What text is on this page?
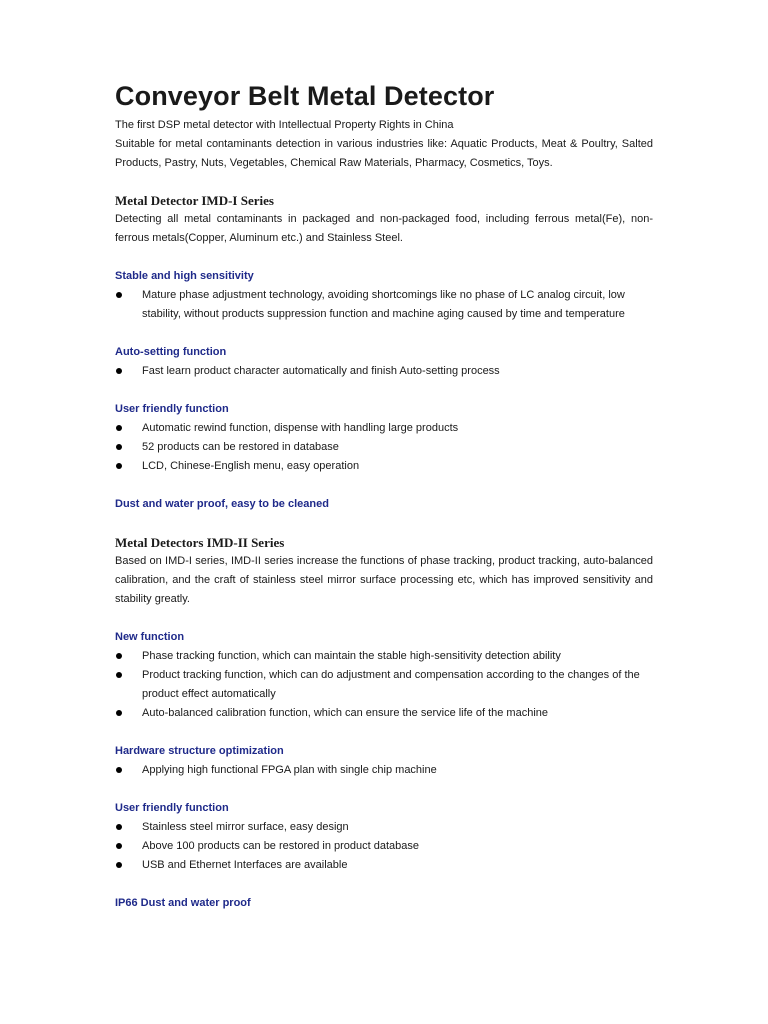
Conveyor Belt Metal Detector

The first DSP metal detector with Intellectual Property Rights in China

Suitable for metal contaminants detection in various industries like: Aquatic Products, Meat & Poultry, Salted Products, Pastry, Nuts, Vegetables, Chemical Raw Materials, Pharmacy, Cosmetics, Toys.

Metal Detector IMD-I Series

Detecting all metal contaminants in packaged and non-packaged food, including ferrous metal(Fe), non-ferrous metals(Copper, Aluminum etc.) and Stainless Steel.

Stable and high sensitivity
Mature phase adjustment technology, avoiding shortcomings like no phase of LC analog circuit, low stability, without products suppression function and machine aging caused by time and temperature
Auto-setting function
Fast learn product character automatically and finish Auto-setting process
User friendly function
Automatic rewind function, dispense with handling large products
52 products can be restored in database
LCD, Chinese-English menu, easy operation
Dust and water proof, easy to be cleaned
Metal Detectors IMD-II Series

Based on IMD-I series, IMD-II series increase the functions of phase tracking, product tracking, auto-balanced calibration, and the craft of stainless steel mirror surface processing etc, which has improved sensitivity and stability greatly.

New function
Phase tracking function, which can maintain the stable high-sensitivity detection ability
Product tracking function, which can do adjustment and compensation according to the changes of the product effect automatically
Auto-balanced calibration function, which can ensure the service life of the machine
Hardware structure optimization
Applying high functional FPGA plan with single chip machine
User friendly function
Stainless steel mirror surface, easy design
Above 100 products can be restored in product database
USB and Ethernet Interfaces are available
IP66 Dust and water proof
